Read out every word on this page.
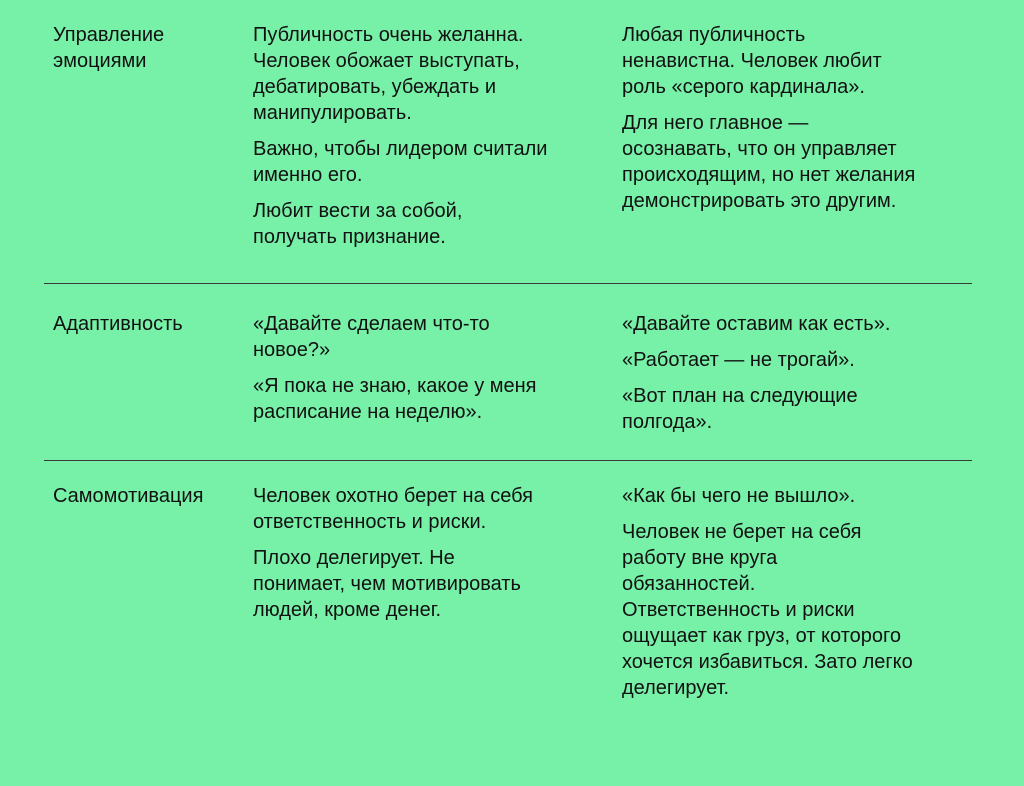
Управление
эмоциями

Публичность очень желанна.
Человек обожает выступать,
дебатировать, убеждать и
манипулировать.

Важно, чтобы лидером считали
именно его.

Любит вести за собой,
получать признание.

Любая публичность
ненавистна. Человек любит
роль «серого кардинала».

Для него главное —
осознавать, что он управляет
происходящим, но нет желания
демонстрировать это другим.

Адаптивность	«Давайте сделаем что-то
новое?»

«Я пока не знаю, какое у меня
расписание на неделю».

«Давайте оставим как есть».

«Работает — не трогай».

«Вот план на следующие
полгода».

Самомотивация	Человек охотно берет на себя
ответственность и риски.

Плохо делегирует. Не
понимает, чем мотивировать
людей, кроме денег.

«Как бы чего не вышло».

Человек не берет на себя
работу вне круга
обязанностей.
Ответственность и риски
ощущает как груз, от которого
хочется избавиться. Зато легко
делегирует.
